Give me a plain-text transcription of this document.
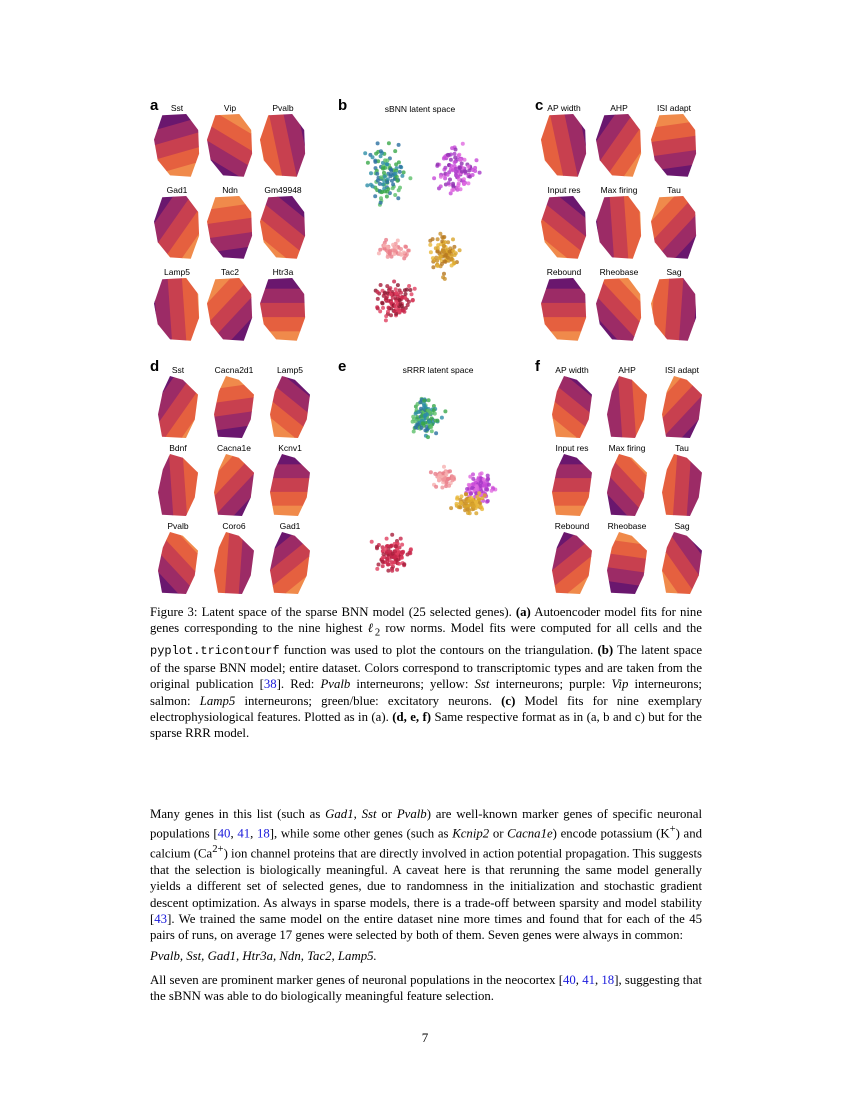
a	b	sBNN latent space	c
d	e	sRRR latent space	f
Figure 3: Latent space of the sparse BNN model (25 selected genes). (a) Autoencoder model fits for nine genes corresponding to the nine highest ℓ$_2$ row norms. Model fits were computed for all cells and the pyplot.tricontourf function was used to plot the contours on the triangulation. (b) The latent space of the sparse BNN model; entire dataset. Colors correspond to transcriptomic types and are taken from the original publication [38]. Red: Pvalb interneurons; yellow: Sst interneurons; purple: Vip interneurons; salmon: Lamp5 interneurons; green/blue: excitatory neurons. (c) Model fits for nine exemplary electrophysiological features. Plotted as in (a). (d, e, f) Same respective format as in (a, b and c) but for the sparse RRR model.
Many genes in this list (such as Gad1, Sst or Pvalb) are well-known marker genes of specific neuronal populations [40, 41, 18], while some other genes (such as Kcnip2 or Cacna1e) encode potassium (K+) and calcium $(Ca^{2+})$ ion channel proteins that are directly involved in action potential propagation. This suggests that the selection is biologically meaningful. A caveat here is that rerunning the same model generally yields a different set of selected genes, due to randomness in the initialization and stochastic gradient descent optimization. As always in sparse models, there is a trade-off between sparsity and model stability [43]. We trained the same model on the entire dataset nine more times and found that for each of the 45 pairs of runs, on average 17 genes were selected by both of them. Seven genes were always in common:
Pvalb, Sst, Gad1, Htr3a, Ndn, Tac2, Lamp5.
All seven are prominent marker genes of neuronal populations in the neocortex [40, 41, 18], suggesting that the sBNN was able to do biologically meaningful feature selection.
7
Sst	Vip	Pvalb
Gad1	Ndn	Gm49948
Lamp5	Tac2	Htr3a
AP width	AHP	ISI adapt
Input res Max firing	Tau
Rebound Rheobase	Sag
Sst	Cacna2d1	Lamp5
Bdnf	Cacna1e	Kcnv1
Pvalb	Coro6	Gad1
AP width	AHP	ISI adapt
Input res Max firing	Tau
Rebound Rheobase	Sag
